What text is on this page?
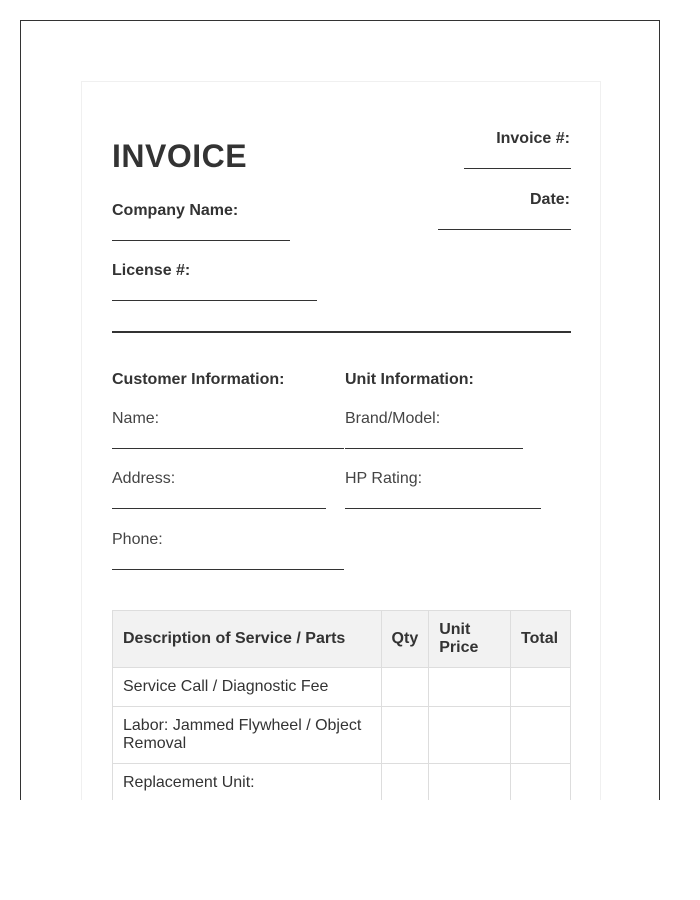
INVOICE	Invoice #:
Date:
Company Name:
License #:
Customer Information:
Name:
Address:
Phone:
Unit Information:
Brand/Model:
HP Rating:
Description of Service / Parts	Qty	Unit Price	Total
Service Call / Diagnostic Fee			
Labor: Jammed Flywheel / Object Removal			
Replacement Unit:			
